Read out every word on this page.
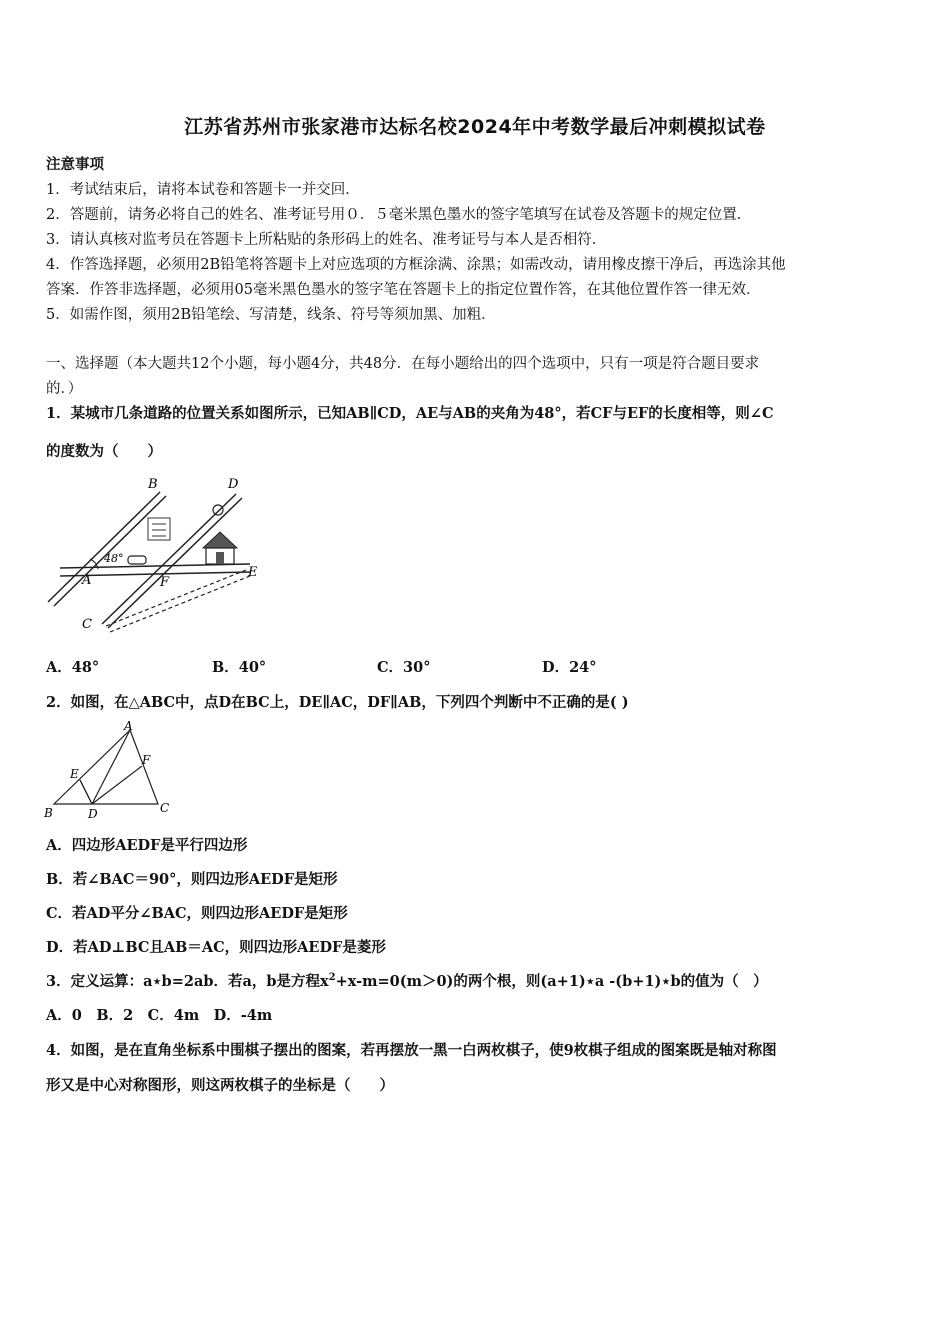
江苏省苏州市张家港市达标名校2024年中考数学最后冲刺模拟试卷
注意事项
1．考试结束后，请将本试卷和答题卡一并交回．
2．答题前，请务必将自己的姓名、准考证号用０．５毫米黑色墨水的签字笔填写在试卷及答题卡的规定位置．
3．请认真核对监考员在答题卡上所粘贴的条形码上的姓名、准考证号与本人是否相符．
4．作答选择题，必须用2B铅笔将答题卡上对应选项的方框涂满、涂黑；如需改动，请用橡皮擦干净后，再选涂其他
答案．作答非选择题，必须用05毫米黑色墨水的签字笔在答题卡上的指定位置作答，在其他位置作答一律无效．
5．如需作图，须用2B铅笔绘、写清楚，线条、符号等须加黑、加粗．
一、选择题（本大题共12个小题，每小题4分，共48分．在每小题给出的四个选项中，只有一项是符合题目要求
的．）
1．某城市几条道路的位置关系如图所示，已知AB∥CD，AE与AB的夹角为48°，若CF与EF的长度相等，则∠C
的度数为（　　）
48°
B	D
A
E
F
C
A．48°	B．40°	C．30°	D．24°
2．如图，在△ABC中，点D在BC上，DE∥AC，DF∥AB，下列四个判断中不正确的是( )
A
B	C
D
E
F
A．四边形AEDF是平行四边形
B．若∠BAC＝90°，则四边形AEDF是矩形
C．若AD平分∠BAC，则四边形AEDF是矩形
D．若AD⊥BC且AB＝AC，则四边形AEDF是菱形
3．定义运算：a⋆b=2ab．若a，b是方程$x^2+x-m=0(m>0)$的两个根，则(a+1)⋆a -(b+1)⋆b的值为（　）
A．0　B．2　C．4m　D．-4m
4．如图，是在直角坐标系中围棋子摆出的图案，若再摆放一黑一白两枚棋子，使9枚棋子组成的图案既是轴对称图
形又是中心对称图形，则这两枚棋子的坐标是（　　）
